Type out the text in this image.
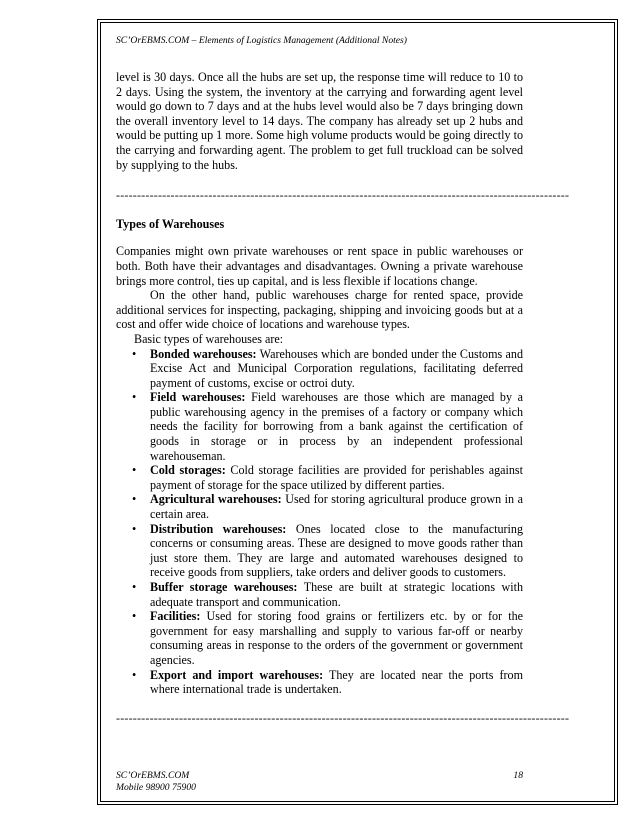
SC’OrEBMS.COM – Elements of Logistics Management (Additional Notes)

level is 30 days. Once all the hubs are set up, the response time will reduce to 10 to 2 days. Using the system, the inventory at the carrying and forwarding agent level would go down to 7 days and at the hubs level would also be 7 days bringing down the overall inventory level to 14 days. The company has already set up 2 hubs and would be putting up 1 more. Some high volume products would be going directly to the carrying and forwarding agent. The problem to get full truckload can be solved by supplying to the hubs.

------------------------------------------------------------------------------------------------------------
Types of Warehouses

Companies might own private warehouses or rent space in public warehouses or both. Both have their advantages and disadvantages. Owning a private warehouse brings more control, ties up capital, and is less flexible if locations change.

On the other hand, public warehouses charge for rented space, provide additional services for inspecting, packaging, shipping and invoicing goods but at a cost and offer wide choice of locations and warehouse types.

Basic types of warehouses are:

• Bonded warehouses: Warehouses which are bonded under the Customs and Excise Act and Municipal Corporation regulations, facilitating deferred payment of customs, excise or octroi duty.
• Field warehouses: Field warehouses are those which are managed by a public warehousing agency in the premises of a factory or company which needs the facility for borrowing from a bank against the certification of goods in storage or in process by an independent professional warehouseman.
• Cold storages: Cold storage facilities are provided for perishables against payment of storage for the space utilized by different parties.
• Agricultural warehouses: Used for storing agricultural produce grown in a certain area.
• Distribution warehouses: Ones located close to the manufacturing concerns or consuming areas. These are designed to move goods rather than just store them. They are large and automated warehouses designed to receive goods from suppliers, take orders and deliver goods to customers.
• Buffer storage warehouses: These are built at strategic locations with adequate transport and communication.
• Facilities: Used for storing food grains or fertilizers etc. by or for the government for easy marshalling and supply to various far-off or nearby consuming areas in response to the orders of the government or government agencies.
• Export and import warehouses: They are located near the ports from where international trade is undertaken.
------------------------------------------------------------------------------------------------------------
SC’OrEBMS.COM
Mobile 98900 75900
18
